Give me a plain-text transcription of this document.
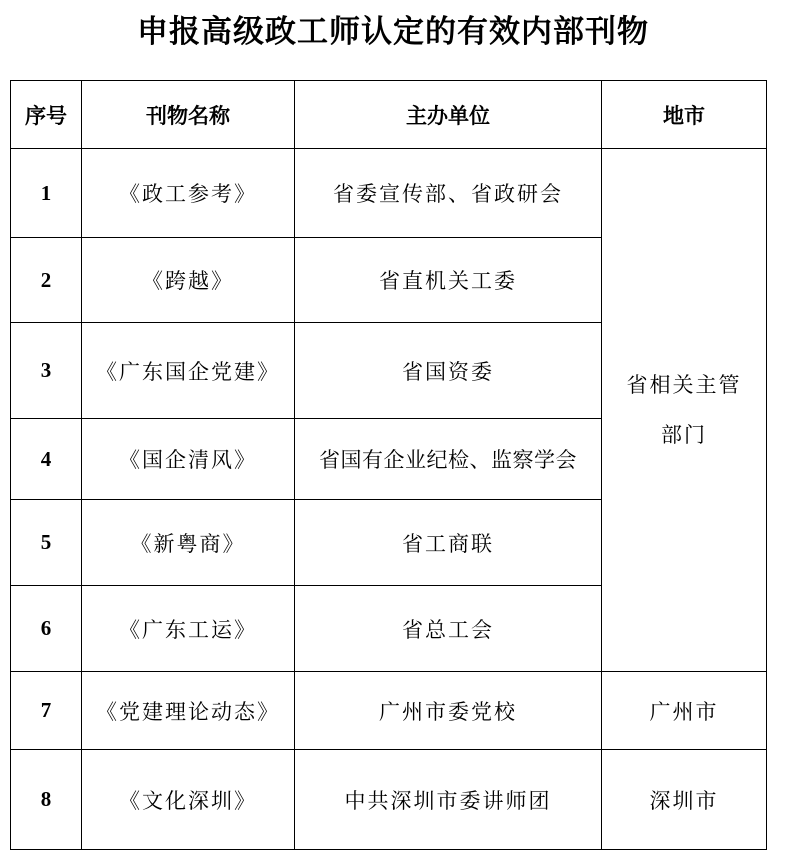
申报高级政工师认定的有效内部刊物
序号	刊物名称	主办单位	地市
1	《政工参考》	省委宣传部、省政研会	省相关主管部门
2	《跨越》	省直机关工委	
3	《广东国企党建》	省国资委	
4	《国企清风》	省国有企业纪检、监察学会	
5	《新粤商》	省工商联	
6	《广东工运》	省总工会	
7	《党建理论动态》	广州市委党校	广州市
8	《文化深圳》	中共深圳市委讲师团	深圳市
